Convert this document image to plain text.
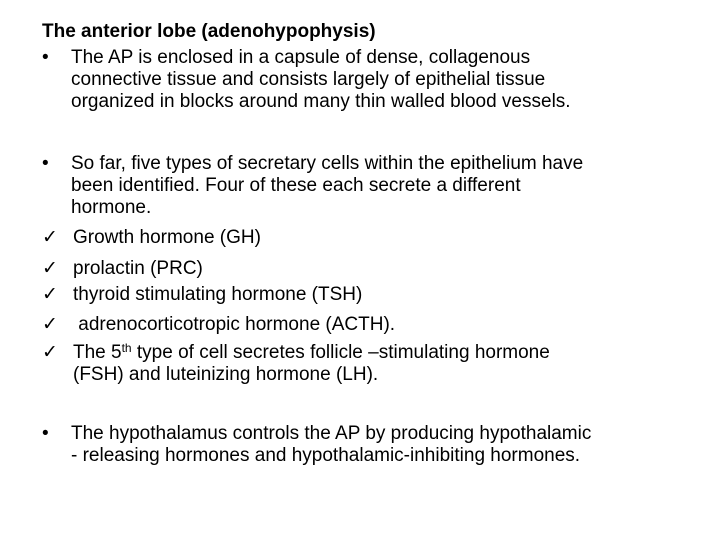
The anterior lobe (adenohypophysis)
•	The AP is enclosed in a capsule of dense, collagenous
connective tissue and consists largely of epithelial tissue
organized in blocks around many thin walled blood vessels.
•	So far, five types of secretary cells within the epithelium have
been identified. Four of these each secrete a different
hormone.
✓ Growth hormone (GH)
✓ prolactin (PRC)
✓ thyroid stimulating hormone (TSH)
✓ adrenocorticotropic hormone (ACTH).
✓ The 5th type of cell secretes follicle –stimulating hormone
(FSH) and luteinizing hormone (LH).
•	The hypothalamus controls the AP by producing hypothalamic
- releasing hormones and hypothalamic-inhibiting hormones.
